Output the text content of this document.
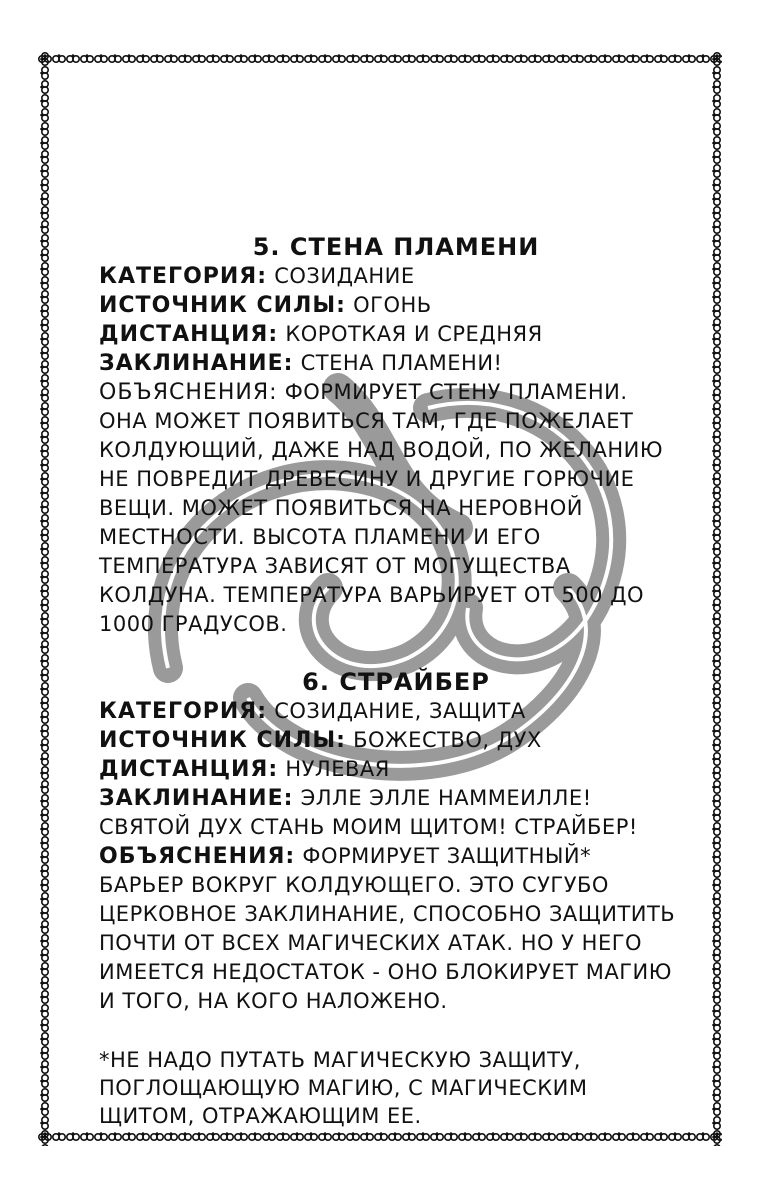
5. СТЕНА ПЛАМЕНИ

КАТЕГОРИЯ: СОЗИДАНИЕ

ИСТОЧНИК СИЛЫ: ОГОНЬ

ДИСТАНЦИЯ: КОРОТКАЯ И СРЕДНЯЯ

ЗАКЛИНАНИЕ: СТЕНА ПЛАМЕНИ!

ОБЪЯСНЕНИЯ: ФОРМИРУЕТ СТЕНУ ПЛАМЕНИ. ОНА МОЖЕТ ПОЯВИТЬСЯ ТАМ, ГДЕ ПОЖЕЛАЕТ КОЛДУЮЩИЙ, ДАЖЕ НАД ВОДОЙ, ПО ЖЕЛАНИЮ НЕ ПОВРЕДИТ ДРЕВЕСИНУ И ДРУГИЕ ГОРЮЧИЕ ВЕЩИ. МОЖЕТ ПОЯВИТЬСЯ НА НЕРОВНОЙ МЕСТНОСТИ. ВЫСОТА ПЛАМЕНИ И ЕГО ТЕМПЕРАТУРА ЗАВИСЯТ ОТ МОГУЩЕСТВА КОЛДУНА. ТЕМПЕРАТУРА ВАРЬИРУЕТ ОТ 500 ДО 1000 ГРАДУСОВ.

6. СТРАЙБЕР

КАТЕГОРИЯ: СОЗИДАНИЕ, ЗАЩИТА

ИСТОЧНИК СИЛЫ: БОЖЕСТВО, ДУХ

ДИСТАНЦИЯ: НУЛЕВАЯ

ЗАКЛИНАНИЕ: ЭЛЛЕ ЭЛЛЕ НАММЕИЛЛЕ! СВЯТОЙ ДУХ СТАНЬ МОИМ ЩИТОМ! СТРАЙБЕР!

ОБЪЯСНЕНИЯ: ФОРМИРУЕТ ЗАЩИТНЫЙ* БАРЬЕР ВОКРУГ КОЛДУЮЩЕГО. ЭТО СУГУБО ЦЕРКОВНОЕ ЗАКЛИНАНИЕ, СПОСОБНО ЗАЩИТИТЬ ПОЧТИ ОТ ВСЕХ МАГИЧЕСКИХ АТАК. НО У НЕГО ИМЕЕТСЯ НЕДОСТАТОК - ОНО БЛОКИРУЕТ МАГИЮ И ТОГО, НА КОГО НАЛОЖЕНО.

*НЕ НАДО ПУТАТЬ МАГИЧЕСКУЮ ЗАЩИТУ, ПОГЛОЩАЮЩУЮ МАГИЮ, С МАГИЧЕСКИМ ЩИТОМ, ОТРАЖАЮЩИМ ЕЕ.
